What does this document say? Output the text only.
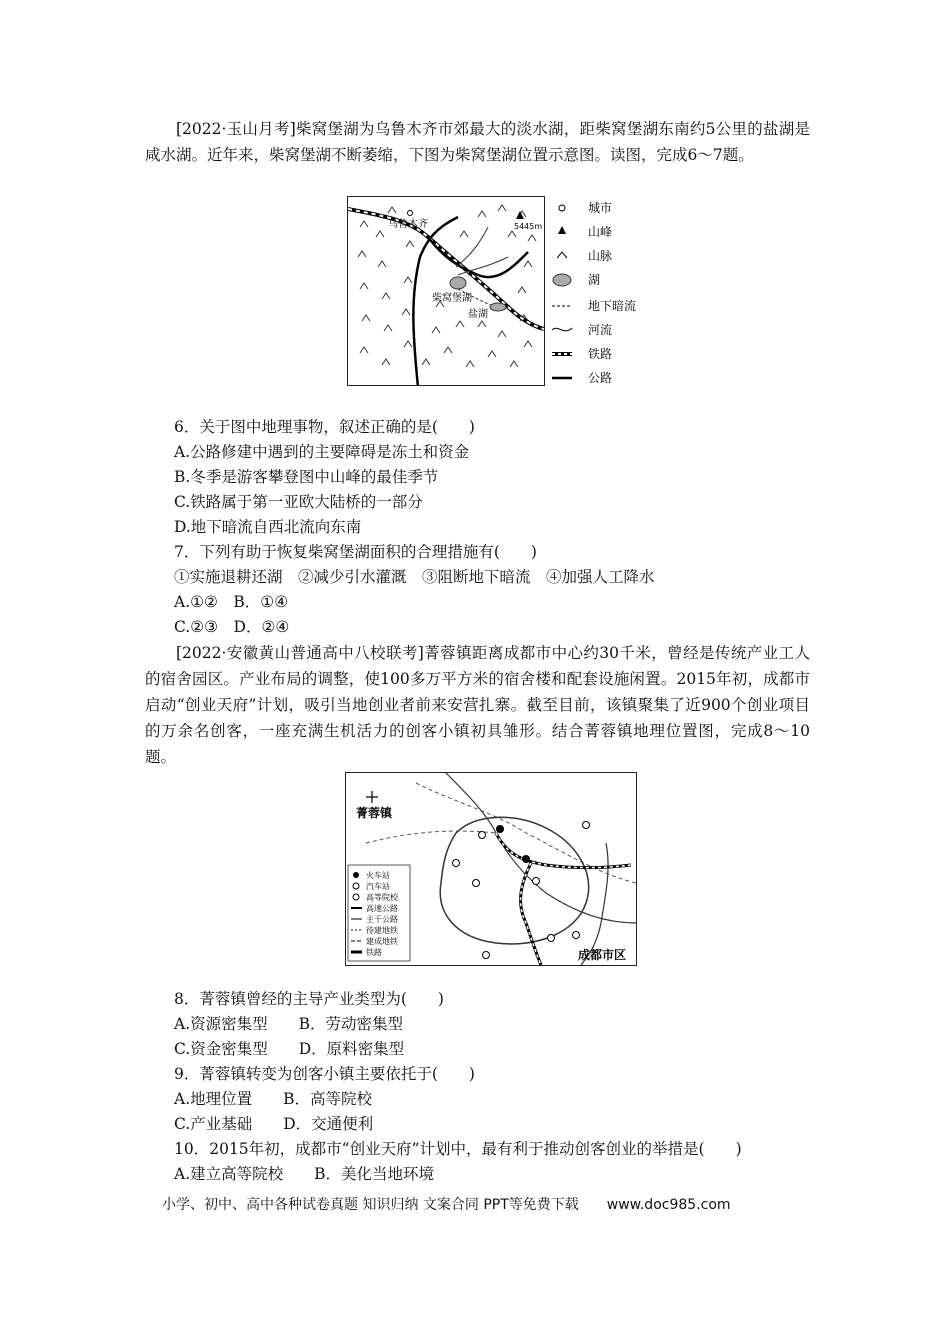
[2022·玉山月考]柴窝堡湖为乌鲁木齐市郊最大的淡水湖，距柴窝堡湖东南约5公里的盐湖是咸水湖。近年来，柴窝堡湖不断萎缩，下图为柴窝堡湖位置示意图。读图，完成6～7题。
乌鲁木齐	5445m
柴窝堡湖
盐湖
城市
山峰
山脉
湖
地下暗流
河流
铁路
公路
6．关于图中地理事物，叙述正确的是(　　)
A.公路修建中遇到的主要障碍是冻土和资金
B.冬季是游客攀登图中山峰的最佳季节
C.铁路属于第一亚欧大陆桥的一部分
D.地下暗流自西北流向东南
7．下列有助于恢复柴窝堡湖面积的合理措施有(　　)
①实施退耕还湖　②减少引水灌溉　③阻断地下暗流　④加强人工降水
A.①②　B．①④
C.②③　D．②④
[2022·安徽黄山普通高中八校联考]菁蓉镇距离成都市中心约30千米，曾经是传统产业工人的宿舍园区。产业布局的调整，使100多万平方米的宿舍楼和配套设施闲置。2015年初，成都市启动“创业天府”计划，吸引当地创业者前来安营扎寨。截至目前，该镇聚集了近900个创业项目的万余名创客，一座充满生机活力的创客小镇初具雏形。结合菁蓉镇地理位置图，完成8～10题。
菁蓉镇
成都市区
火车站
汽车站
高等院校
高速公路
主干公路
待建地铁
建成地铁
铁路
8．菁蓉镇曾经的主导产业类型为(　　)
A.资源密集型　　B．劳动密集型
C.资金密集型　　D．原料密集型
9．菁蓉镇转变为创客小镇主要依托于(　　)
A.地理位置　　B．高等院校
C.产业基础　　D．交通便利
10．2015年初，成都市“创业天府”计划中，最有利于推动创客创业的举措是(　　)
A.建立高等院校　　B．美化当地环境
小学、初中、高中各种试卷真题 知识归纳 文案合同 PPT等免费下载　　www.doc985.com
